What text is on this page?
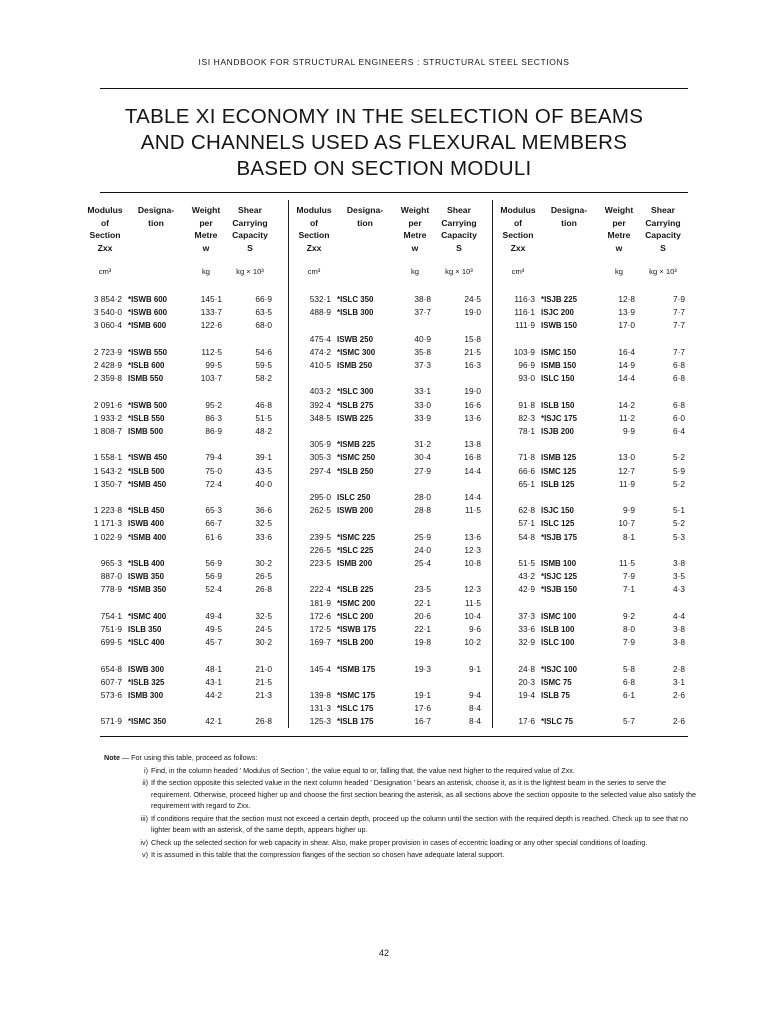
ISI HANDBOOK FOR STRUCTURAL ENGINEERS : STRUCTURAL STEEL SECTIONS
TABLE XI ECONOMY IN THE SELECTION OF BEAMS
AND CHANNELS USED AS FLEXURAL MEMBERS
BASED ON SECTION MODULI
Modulus
of
Section
Zxx
Designa-
tion
Weight
per
Metre
w
Shear
Carrying
Capacity
S
cm³	kg	kg × 10³
3 854·2 *ISWB 600	145·1	66·9
3 540·0 *ISWB 600	133·7	63·5
3 060·4 *ISMB 600	122·6	68·0
2 723·9 *ISWB 550	112·5	54·6
2 428·9 *ISLB 600	99·5	59·5
2 359·8 ISMB 550	103·7	58·2
2 091·6 *ISWB 500	95·2	46·8
1 933·2 *ISLB 550	86·3	51·5
1 808·7 ISMB 500	86·9	48·2
1 558·1 *ISWB 450	79·4	39·1
1 543·2 *ISLB 500	75·0	43·5
1 350·7 *ISMB 450	72·4	40·0
1 223·8 *ISLB 450	65·3	36·6
1 171·3 ISWB 400	66·7	32·5
1 022·9 *ISMB 400	61·6	33·6
965·3 *ISLB 400	56·9	30·2
887·0 ISWB 350	56·9	26·5
778·9 *ISMB 350	52·4	26·8
754·1 *ISMC 400	49·4	32·5
751·9 ISLB 350	49·5	24·5
699·5 *ISLC 400	45·7	30·2
654·8 ISWB 300	48·1	21·0
607·7 *ISLB 325	43·1	21·5
573·6 ISMB 300	44·2	21·3
571·9 *ISMC 350	42·1	26·8
Modulus
of
Section
Zxx
Designa-
tion
Weight
per
Metre
w
Shear
Carrying
Capacity
S
cm³	kg	kg × 10³
532·1 *ISLC 350	38·8	24·5
488·9 *ISLB 300	37·7	19·0
475·4 ISWB 250	40·9	15·8
474·2 *ISMC 300	35·8	21·5
410·5 ISMB 250	37·3	16·3
403·2 *ISLC 300	33·1	19·0
392·4 *ISLB 275	33·0	16·6
348·5 ISWB 225	33·9	13·6
305·9 *ISMB 225	31·2	13·8
305·3 *ISMC 250	30·4	16·8
297·4 *ISLB 250	27·9	14·4
295·0 ISLC 250	28·0	14·4
262·5 ISWB 200	28·8	11·5
239·5 *ISMC 225	25·9	13·6
226·5 *ISLC 225	24·0	12·3
223·5 ISMB 200	25·4	10·8
222·4 *ISLB 225	23·5	12·3
181·9 *ISMC 200	22·1	11·5
172·6 *ISLC 200	20·6	10·4
172·5 *ISWB 175	22·1	9·6
169·7 *ISLB 200	19·8	10·2
145·4 *ISMB 175	19·3	9·1
139·8 *ISMC 175	19·1	9·4
131·3 *ISLC 175	17·6	8·4
125·3 *ISLB 175	16·7	8·4
Modulus
of
Section
Zxx
Designa-
tion
Weight
per
Metre
w
Shear
Carrying
Capacity
S
cm³	kg	kg × 10³
116·3 *ISJB 225	12·8	7·9
116·1 ISJC 200	13·9	7·7
111·9 ISWB 150	17·0	7·7
103·9 ISMC 150	16·4	7·7
96·9 ISMB 150	14·9	6·8
93·0 ISLC 150	14·4	6·8
91·8 ISLB 150	14·2	6·8
82·3 *ISJC 175	11·2	6·0
78·1 ISJB 200	9·9	6·4
71·8 ISMB 125	13·0	5·2
66·6 ISMC 125	12·7	5·9
65·1 ISLB 125	11·9	5·2
62·8 ISJC 150	9·9	5·1
57·1 ISLC 125	10·7	5·2
54·8 *ISJB 175	8·1	5·3
51·5 ISMB 100	11·5	3·8
43·2 *ISJC 125	7·9	3·5
42·9 *ISJB 150	7·1	4·3
37·3 ISMC 100	9·2	4·4
33·6 ISLB 100	8·0	3·8
32·9 ISLC 100	7·9	3·8
24·8 *ISJC 100	5·8	2·8
20·3 ISMC 75	6·8	3·1
19·4 ISLB 75	6·1	2·6
17·6 *ISLC 75	5·7	2·6
Note — For using this table, proceed as follows:
i) Find, in the column headed ' Modulus of Section ', the value equal to or, falling that, the value next higher to the required value of Zxx.
ii) If the section opposite this selected value in the next column headed ' Designation ' bears an asterisk, choose it, as it is the lightest beam in the series to serve the requirement. Otherwise, proceed higher up and choose the first section bearing the asterisk, as all sections above the section opposite to the selected value also satisfy the requirement with regard to Zxx.
iii) If conditions require that the section must not exceed a certain depth, proceed up the column until the section with the required depth is reached. Check up to see that no lighter beam with an asterisk, of the same depth, appears higher up.
iv) Check up the selected section for web capacity in shear. Also, make proper provision in cases of eccentric loading or any other special conditions of loading.
v) It is assumed in this table that the compression flanges of the section so chosen have adequate lateral support.
42
